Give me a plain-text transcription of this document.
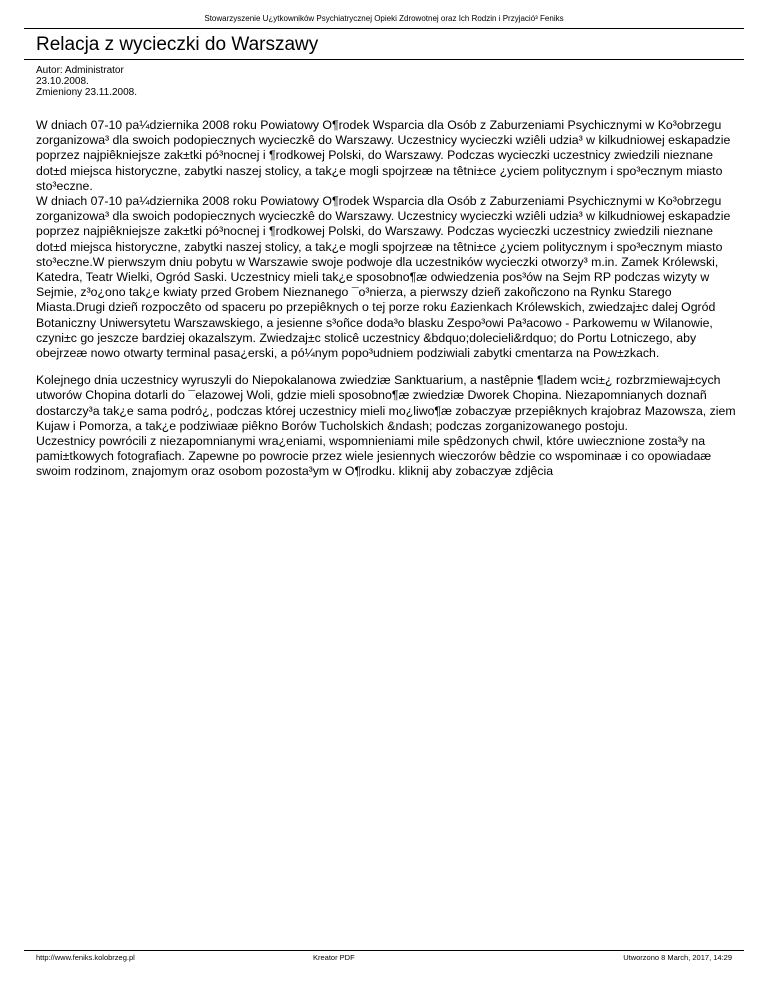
Stowarzyszenie U¿ytkowników Psychiatrycznej Opieki Zdrowotnej oraz Ich Rodzin i Przyjació³ Feniks
Relacja z wycieczki do Warszawy
Autor: Administrator
23.10.2008.
Zmieniony 23.11.2008.

W dniach 07-10 pa¼dziernika 2008 roku Powiatowy O¶rodek Wsparcia dla Osób z Zaburzeniami Psychicznymi w Ko³obrzegu zorganizowa³ dla swoich podopiecznych wycieczkê do Warszawy. Uczestnicy wycieczki wziêli udzia³ w kilkudniowej eskapadzie poprzez najpiêkniejsze zak±tki pó³nocnej i ¶rodkowej Polski, do Warszawy. Podczas wycieczki uczestnicy zwiedzili nieznane dot±d miejsca historyczne, zabytki naszej stolicy, a tak¿e mogli spojrzeæ na têtni±ce ¿yciem politycznym i spo³ecznym miasto sto³eczne.

W dniach 07-10 pa¼dziernika 2008 roku Powiatowy O¶rodek Wsparcia dla Osób z Zaburzeniami Psychicznymi w Ko³obrzegu zorganizowa³ dla swoich podopiecznych wycieczkê do Warszawy. Uczestnicy wycieczki wziêli udzia³ w kilkudniowej eskapadzie poprzez najpiêkniejsze zak±tki pó³nocnej i ¶rodkowej Polski, do Warszawy. Podczas wycieczki uczestnicy zwiedzili nieznane dot±d miejsca historyczne, zabytki naszej stolicy, a tak¿e mogli spojrzeæ na têtni±ce ¿yciem politycznym i spo³ecznym miasto sto³eczne.W pierwszym dniu pobytu w Warszawie swoje podwoje dla uczestników wycieczki otworzy³ m.in. Zamek Królewski, Katedra, Teatr Wielki, Ogród Saski. Uczestnicy mieli tak¿e sposobno¶æ odwiedzenia pos³ów na Sejm RP podczas wizyty w Sejmie, z³o¿ono tak¿e kwiaty przed Grobem Nieznanego ¯o³nierza, a pierwszy dzieñ zakoñczono na Rynku Starego Miasta.Drugi dzieñ rozpoczêto od spaceru po przepiêknych o tej porze roku £azienkach Królewskich, zwiedzaj±c dalej Ogród Botaniczny Uniwersytetu Warszawskiego, a jesienne s³oñce doda³o blasku Zespo³owi Pa³acowo - Parkowemu w Wilanowie, czyni±c go jeszcze bardziej okazalszym. Zwiedzaj±c stolicê uczestnicy &bdquo;dolecieli&rdquo; do Portu Lotniczego, aby obejrzeæ nowo otwarty terminal pasa¿erski, a pó¼nym popo³udniem podziwiali zabytki cmentarza na Pow±zkach.

Kolejnego dnia uczestnicy wyruszyli do Niepokalanowa zwiedziæ Sanktuarium, a nastêpnie ¶ladem wci±¿ rozbrzmiewaj±cych utworów Chopina dotarli do ¯elazowej Woli, gdzie mieli sposobno¶æ zwiedziæ Dworek Chopina. Niezapomnianych doznañ dostarczy³a tak¿e sama podró¿, podczas której uczestnicy mieli mo¿liwo¶æ zobaczyæ przepiêknych krajobraz Mazowsza, ziem Kujaw i Pomorza, a tak¿e podziwiaæ piêkno Borów Tucholskich &ndash; podczas zorganizowanego postoju.

Uczestnicy powrócili z niezapomnianymi wra¿eniami, wspomnieniami mile spêdzonych chwil, które uwiecznione zosta³y na pami±tkowych fotografiach. Zapewne po powrocie przez wiele jesiennych wieczorów bêdzie co wspominaæ i co opowiadaæ swoim rodzinom, znajomym oraz osobom pozosta³ym w O¶rodku. kliknij aby zobaczyæ zdjêcia

http://www.feniks.kolobrzeg.pl	Kreator PDF	Utworzono 8 March, 2017, 14:29
